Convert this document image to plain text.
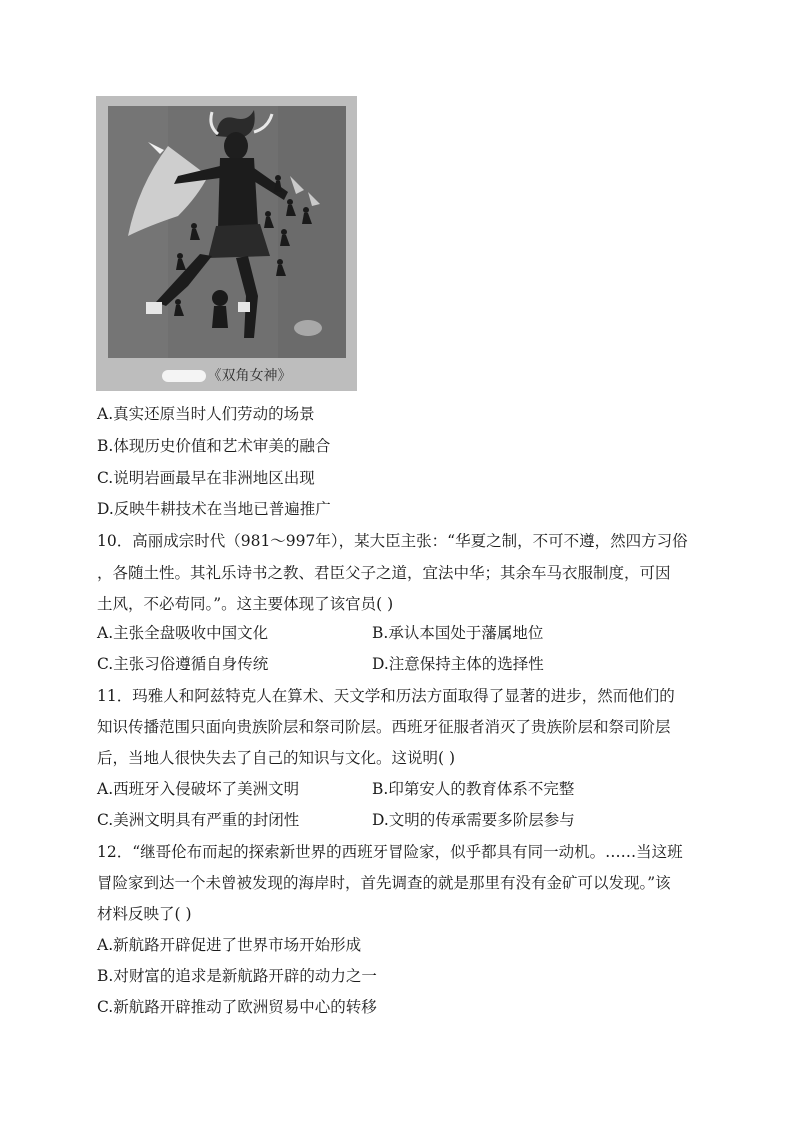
《双角女神》
A.真实还原当时人们劳动的场景
B.体现历史价值和艺术审美的融合
C.说明岩画最早在非洲地区出现
D.反映牛耕技术在当地已普遍推广
10．高丽成宗时代（981～997年），某大臣主张：“华夏之制，不可不遵，然四方习俗
，各随土性。其礼乐诗书之教、君臣父子之道，宜法中华；其余车马衣服制度，可因
土风，不必苟同。”。这主要体现了该官员( )
A.主张全盘吸收中国文化	B.承认本国处于藩属地位
C.主张习俗遵循自身传统	D.注意保持主体的选择性
11．玛雅人和阿兹特克人在算术、天文学和历法方面取得了显著的进步，然而他们的
知识传播范围只面向贵族阶层和祭司阶层。西班牙征服者消灭了贵族阶层和祭司阶层
后，当地人很快失去了自己的知识与文化。这说明( )
A.西班牙入侵破坏了美洲文明	B.印第安人的教育体系不完整
C.美洲文明具有严重的封闭性	D.文明的传承需要多阶层参与
12．“继哥伦布而起的探索新世界的西班牙冒险家，似乎都具有同一动机。……当这班
冒险家到达一个未曾被发现的海岸时，首先调查的就是那里有没有金矿可以发现。”该
材料反映了( )
A.新航路开辟促进了世界市场开始形成
B.对财富的追求是新航路开辟的动力之一
C.新航路开辟推动了欧洲贸易中心的转移
